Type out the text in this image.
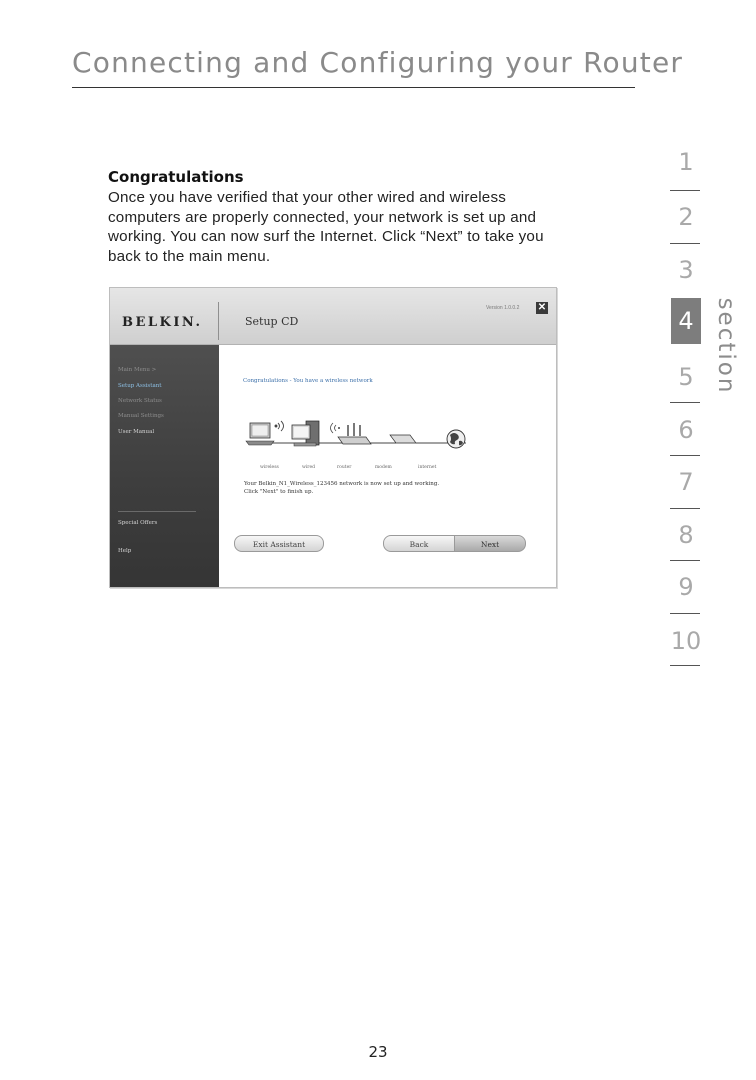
Connecting and Configuring your Router
Congratulations

Once you have verified that your other wired and wireless
computers are properly connected, your network is set up and
working. You can now surf the Internet. Click “Next” to take you
back to the main menu.

1
2
3
4
5
6
7
8
9
10
section
BELKIN.	Setup CD
Version 1.0.0.2 ✕
Main Menu >
Setup Assistant
Network Status
Manual Settings
User Manual
Special Offers
Help
Congratulations - You have a wireless network
wireless	wired	router	modem	internet
Your Belkin_N1_Wireless_123456 network is now set up and working.
Click "Next" to finish up.
Exit Assistant	Back	Next
23
